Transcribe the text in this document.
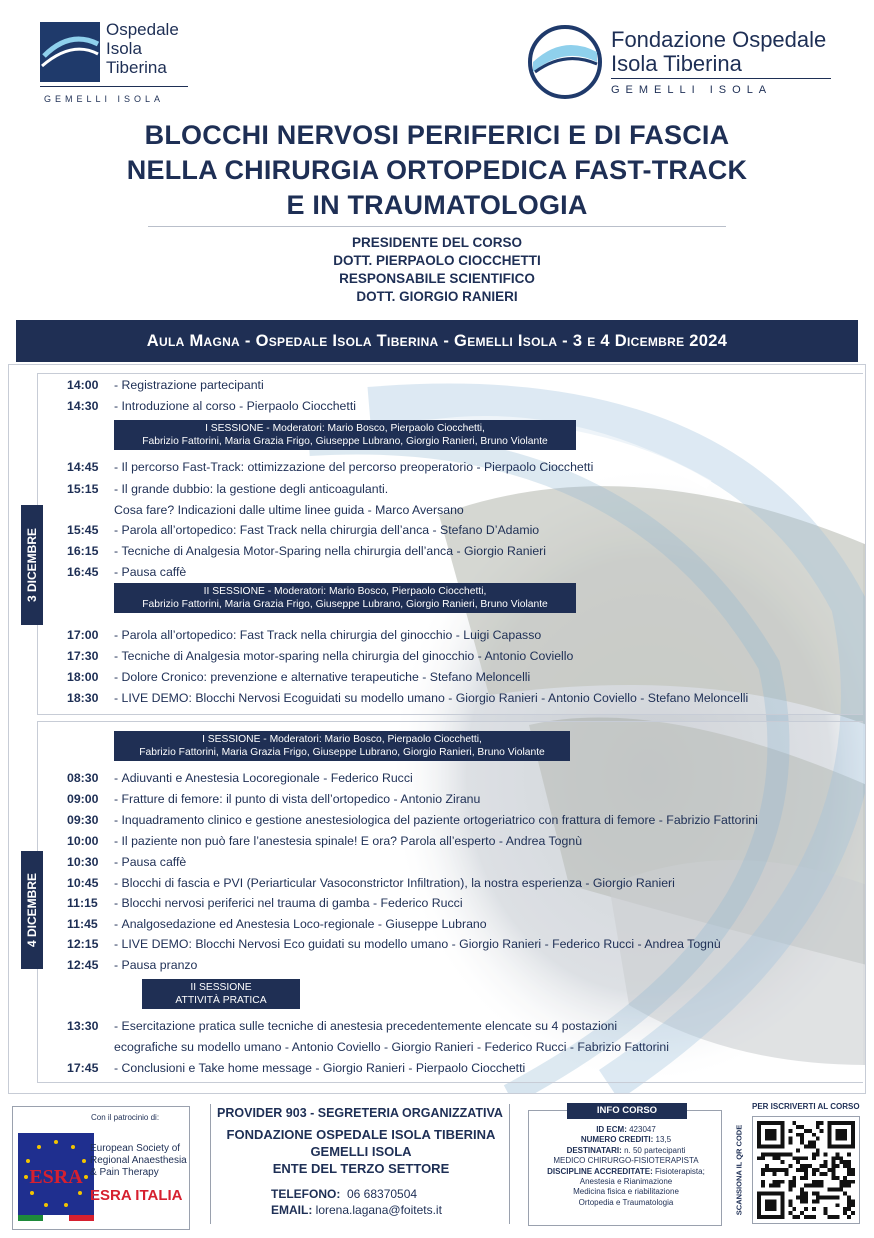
Ospedale
Isola
Tiberina
GEMELLI ISOLA
Fondazione Ospedale
Isola Tiberina
GEMELLI ISOLA
BLOCCHI NERVOSI PERIFERICI E DI FASCIA
NELLA CHIRURGIA ORTOPEDICA FAST-TRACK
E IN TRAUMATOLOGIA
PRESIDENTE DEL CORSO
DOTT. PIERPAOLO CIOCCHETTI
RESPONSABILE SCIENTIFICO
DOTT. GIORGIO RANIERI
Aula Magna - Ospedale Isola Tiberina - Gemelli Isola - 3 e 4 Dicembre 2024
3 DICEMBRE
4 DICEMBRE
14:00 - Registrazione partecipanti
14:30 - Introduzione al corso - Pierpaolo Ciocchetti
I SESSIONE - Moderatori: Mario Bosco, Pierpaolo Ciocchetti,
Fabrizio Fattorini, Maria Grazia Frigo, Giuseppe Lubrano, Giorgio Ranieri, Bruno Violante
14:45 - Il percorso Fast-Track: ottimizzazione del percorso preoperatorio - Pierpaolo Ciocchetti
15:15 - Il grande dubbio: la gestione degli anticoagulanti.
Cosa fare? Indicazioni dalle ultime linee guida - Marco Aversano
15:45 - Parola all’ortopedico: Fast Track nella chirurgia dell’anca - Stefano D’Adamio
16:15 - Tecniche di Analgesia Motor-Sparing nella chirurgia dell’anca - Giorgio Ranieri
16:45 - Pausa caffè
II SESSIONE - Moderatori: Mario Bosco, Pierpaolo Ciocchetti,
Fabrizio Fattorini, Maria Grazia Frigo, Giuseppe Lubrano, Giorgio Ranieri, Bruno Violante
17:00 - Parola all’ortopedico: Fast Track nella chirurgia del ginocchio - Luigi Capasso
17:30 - Tecniche di Analgesia motor-sparing nella chirurgia del ginocchio - Antonio Coviello
18:00 - Dolore Cronico: prevenzione e alternative terapeutiche - Stefano Meloncelli
18:30 - LIVE DEMO: Blocchi Nervosi Ecoguidati su modello umano - Giorgio Ranieri - Antonio Coviello - Stefano Meloncelli
I SESSIONE - Moderatori: Mario Bosco, Pierpaolo Ciocchetti,
Fabrizio Fattorini, Maria Grazia Frigo, Giuseppe Lubrano, Giorgio Ranieri, Bruno Violante
08:30 - Adiuvanti e Anestesia Locoregionale - Federico Rucci
09:00 - Fratture di femore: il punto di vista dell’ortopedico - Antonio Ziranu
09:30 - Inquadramento clinico e gestione anestesiologica del paziente ortogeriatrico con frattura di femore - Fabrizio Fattorini
10:00 - Il paziente non può fare l’anestesia spinale! E ora? Parola all’esperto - Andrea Tognù
10:30 - Pausa caffè
10:45 - Blocchi di fascia e PVI (Periarticular Vasoconstrictor Infiltration), la nostra esperienza - Giorgio Ranieri
11:15 - Blocchi nervosi periferici nel trauma di gamba - Federico Rucci
11:45 - Analgosedazione ed Anestesia Loco-regionale - Giuseppe Lubrano
12:15 - LIVE DEMO: Blocchi Nervosi Eco guidati su modello umano - Giorgio Ranieri - Federico Rucci - Andrea Tognù
12:45 - Pausa pranzo
II SESSIONE
ATTIVITÀ PRATICA
13:30 - Esercitazione pratica sulle tecniche di anestesia precedentemente elencate su 4 postazioni
ecografiche su modello umano - Antonio Coviello - Giorgio Ranieri - Federico Rucci - Fabrizio Fattorini
17:45 - Conclusioni e Take home message - Giorgio Ranieri - Pierpaolo Ciocchetti
Con il patrocinio di:
ESRA
European Society of
Regional Anaesthesia
& Pain Therapy
ESRA ITALIA
PROVIDER 903 - SEGRETERIA ORGANIZZATIVA
FONDAZIONE OSPEDALE ISOLA TIBERINA
GEMELLI ISOLA
ENTE DEL TERZO SETTORE
TELEFONO: 06 68370504
EMAIL: lorena.lagana@foitets.it
INFO CORSO
ID ECM: 423047
NUMERO CREDITI: 13,5
DESTINATARI: n. 50 partecipanti
MEDICO CHIRURGO-FISIOTERAPISTA
DISCIPLINE ACCREDITATE: Fisioterapista;
Anestesia e Rianimazione
Medicina fisica e riabilitazione
Ortopedia e Traumatologia
PER ISCRIVERTI AL CORSO
SCANSIONA IL QR CODE
